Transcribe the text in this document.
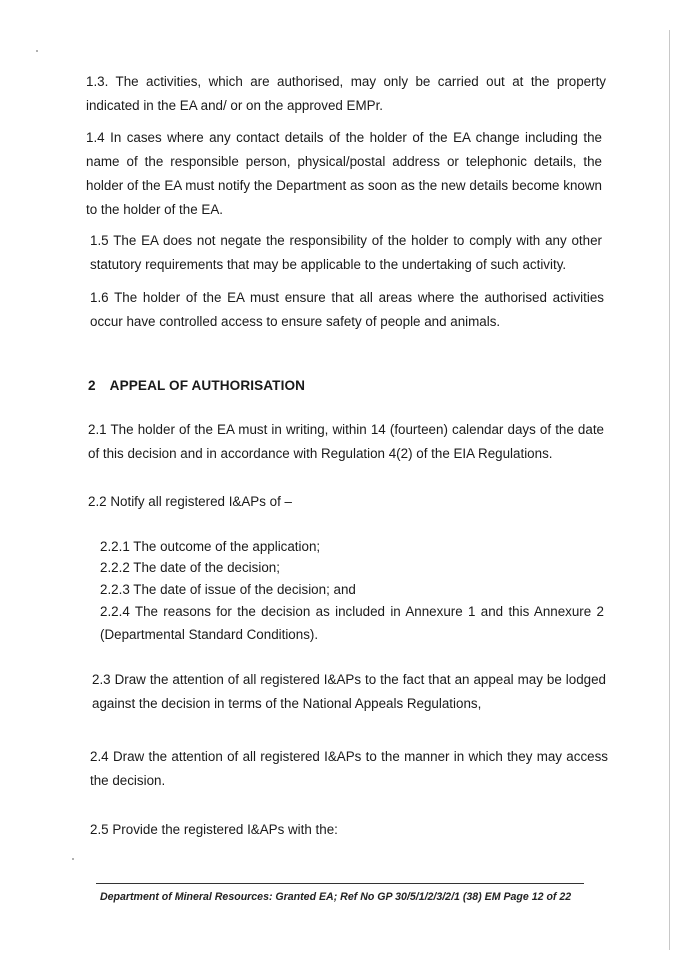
1.3. The activities, which are authorised, may only be carried out at the property indicated in the EA and/ or on the approved EMPr.
1.4 In cases where any contact details of the holder of the EA change including the name of the responsible person, physical/postal address or telephonic details, the holder of the EA must notify the Department as soon as the new details become known to the holder of the EA.
1.5 The EA does not negate the responsibility of the holder to comply with any other statutory requirements that may be applicable to the undertaking of such activity.
1.6 The holder of the EA must ensure that all areas where the authorised activities occur have controlled access to ensure safety of people and animals.
2 APPEAL OF AUTHORISATION
2.1 The holder of the EA must in writing, within 14 (fourteen) calendar days of the date of this decision and in accordance with Regulation 4(2) of the EIA Regulations.
2.2 Notify all registered I&APs of –
2.2.1 The outcome of the application;
2.2.2 The date of the decision;
2.2.3 The date of issue of the decision; and
2.2.4 The reasons for the decision as included in Annexure 1 and this Annexure 2 (Departmental Standard Conditions).
2.3 Draw the attention of all registered I&APs to the fact that an appeal may be lodged against the decision in terms of the National Appeals Regulations,
2.4 Draw the attention of all registered I&APs to the manner in which they may access the decision.
2.5 Provide the registered I&APs with the:
Department of Mineral Resources: Granted EA; Ref No GP 30/5/1/2/3/2/1 (38) EM Page 12 of 22
